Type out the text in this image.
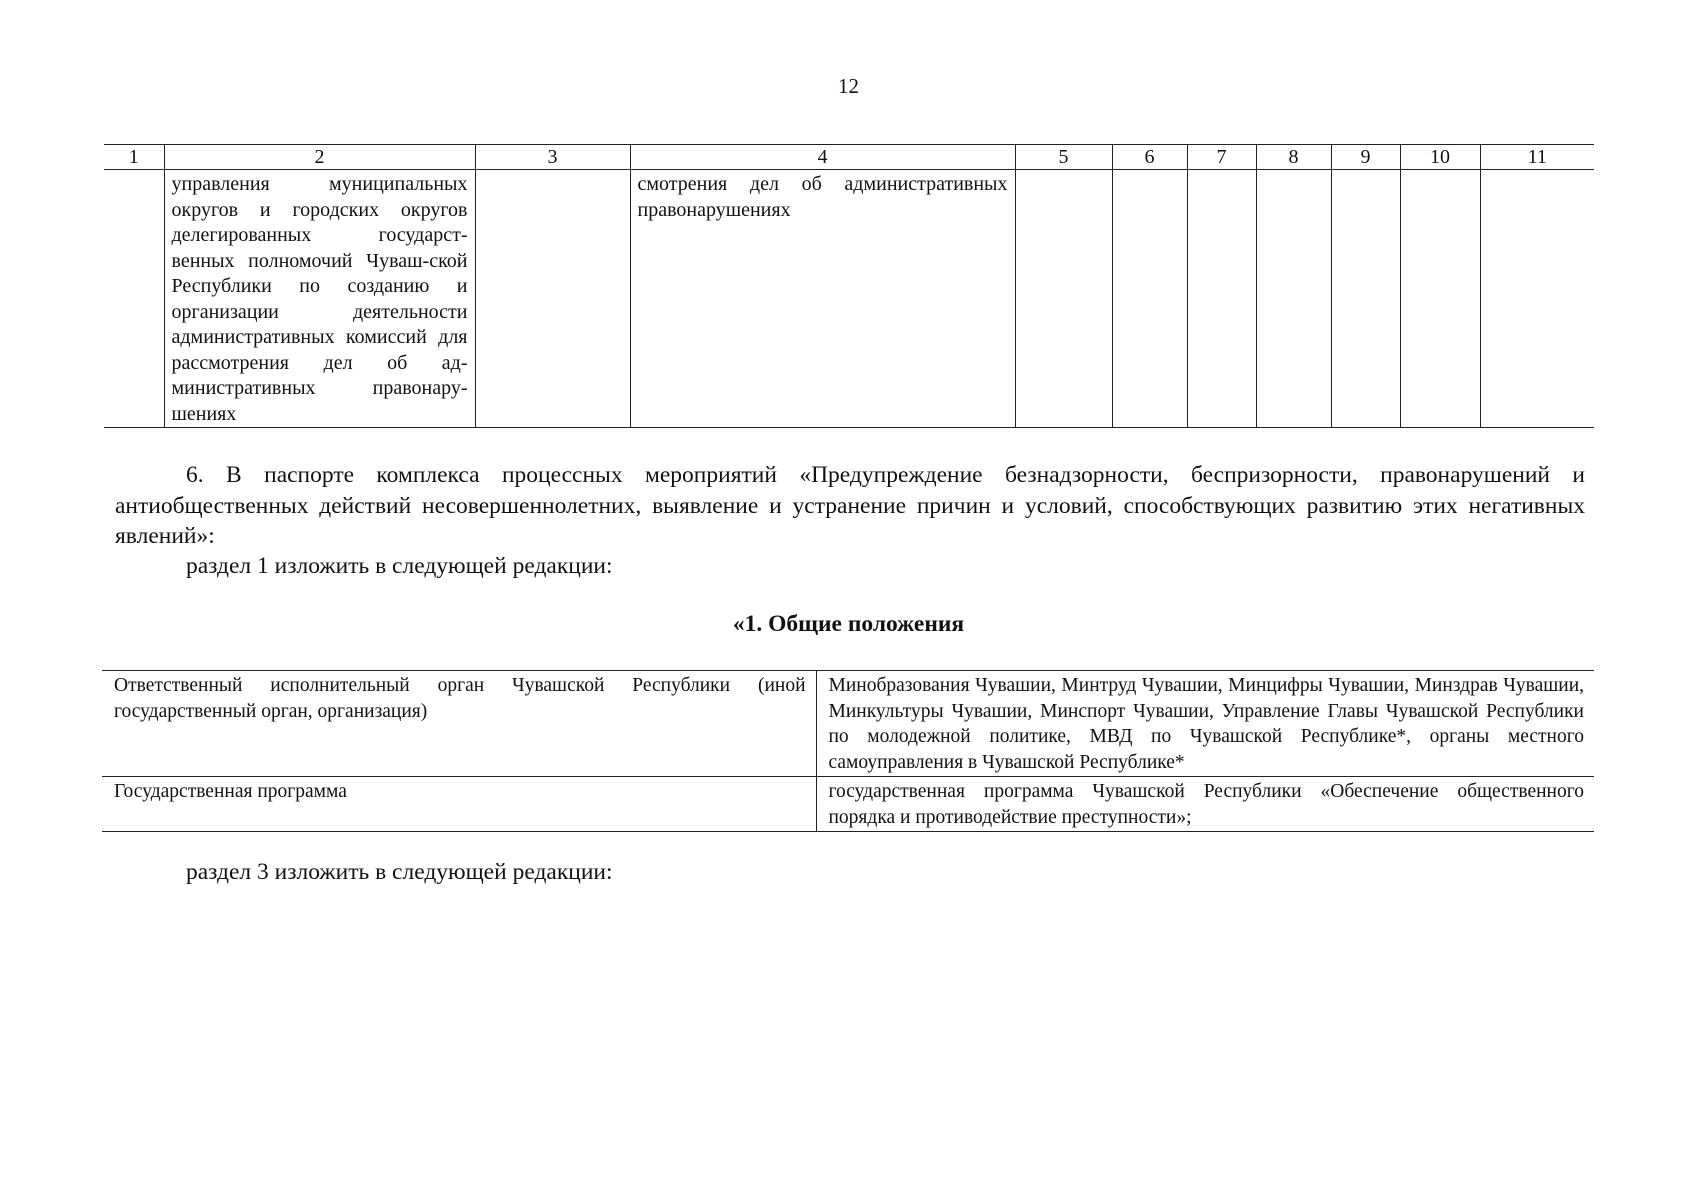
12
1	2	3	4	5	6	7	8	9	10	11
	управления муниципальных округов и городских округов делегированных государст-венных полномочий Чуваш-ской Республики по созданию и организации деятельности административных комиссий для рассмотрения дел об ад-министративных правонару-шениях		смотрения дел об административных правонарушениях							
6. В паспорте комплекса процессных мероприятий «Предупреждение безнадзорности, беспризорности, правонарушений и антиобщественных действий несовершеннолетних, выявление и устранение причин и условий, способствующих развитию этих негативных явлений»:
раздел 1 изложить в следующей редакции:
«1. Общие положения
Ответственный исполнительный орган Чувашской Республики (иной государственный орган, организация)	Минобразования Чувашии, Минтруд Чувашии, Минцифры Чувашии, Минздрав Чувашии, Минкультуры Чувашии, Минспорт Чувашии, Управление Главы Чувашской Республики по молодежной политике, МВД по Чувашской Республике*, органы местного самоуправления в Чувашской Республике*
Государственная программа	государственная программа Чувашской Республики «Обеспечение общественного порядка и противодействие преступности»;
раздел 3 изложить в следующей редакции:
